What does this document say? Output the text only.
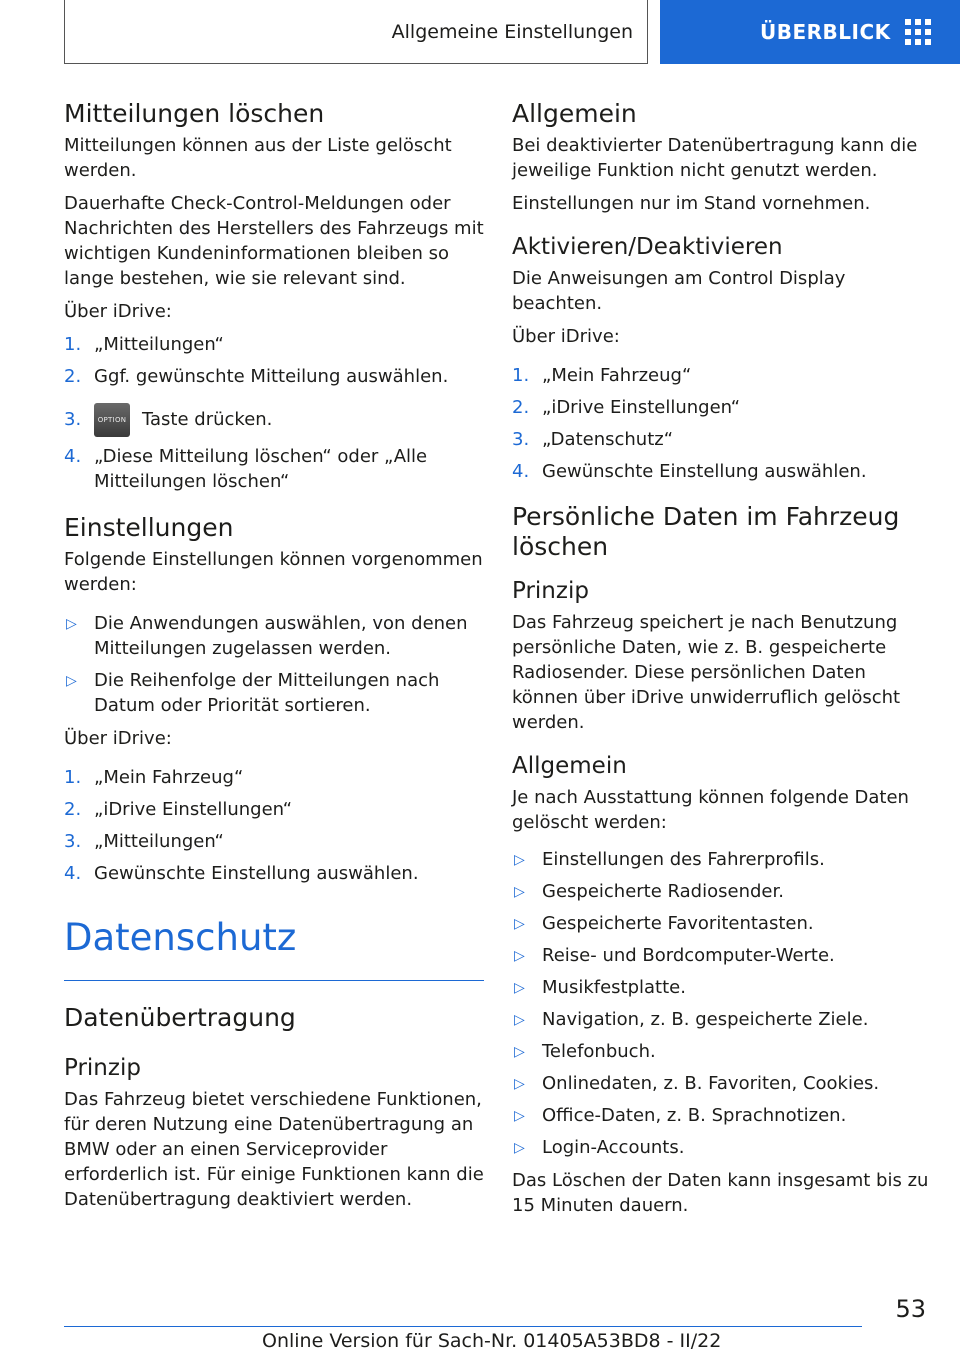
Allgemeine Einstellungen	ÜBERBLICK
Mitteilungen löschen

Mitteilungen können aus der Liste gelöscht werden.

Dauerhafte Check-Control-Meldungen oder Nachrichten des Herstellers des Fahrzeugs mit wichtigen Kundeninformationen bleiben so lange bestehen, wie sie relevant sind.

Über iDrive:

1. „Mitteilungen“
2. Ggf. gewünschte Mitteilung auswählen.
3. OPTION Taste drücken.
4. „Diese Mitteilung löschen“ oder „Alle Mitteilungen löschen“
Einstellungen

Folgende Einstellungen können vorgenommen werden:

▷ Die Anwendungen auswählen, von denen Mitteilungen zugelassen werden.
▷ Die Reihenfolge der Mitteilungen nach Datum oder Priorität sortieren.

Über iDrive:

1. „Mein Fahrzeug“
2. „iDrive Einstellungen“
3. „Mitteilungen“
4. Gewünschte Einstellung auswählen.
Datenschutz
Datenübertragung
Prinzip

Das Fahrzeug bietet verschiedene Funktionen, für deren Nutzung eine Datenübertragung an BMW oder an einen Serviceprovider erforderlich ist. Für einige Funktionen kann die Datenübertragung deaktiviert werden.

Allgemein

Bei deaktivierter Datenübertragung kann die jeweilige Funktion nicht genutzt werden.

Einstellungen nur im Stand vornehmen.

Aktivieren/Deaktivieren

Die Anweisungen am Control Display beachten.

Über iDrive:

1. „Mein Fahrzeug“
2. „iDrive Einstellungen“
3. „Datenschutz“
4. Gewünschte Einstellung auswählen.
Persönliche Daten im Fahrzeug löschen
Prinzip

Das Fahrzeug speichert je nach Benutzung persönliche Daten, wie z. B. gespeicherte Radiosender. Diese persönlichen Daten können über iDrive unwiderruflich gelöscht werden.

Allgemein

Je nach Ausstattung können folgende Daten gelöscht werden:

▷ Einstellungen des Fahrerprofils.
▷ Gespeicherte Radiosender.
▷ Gespeicherte Favoritentasten.
▷ Reise- und Bordcomputer-Werte.
▷ Musikfestplatte.
▷ Navigation, z. B. gespeicherte Ziele.
▷ Telefonbuch.
▷ Onlinedaten, z. B. Favoriten, Cookies.
▷ Office-Daten, z. B. Sprachnotizen.
▷ Login-Accounts.

Das Löschen der Daten kann insgesamt bis zu 15 Minuten dauern.

53
Online Version für Sach-Nr. 01405A53BD8 - II/22
